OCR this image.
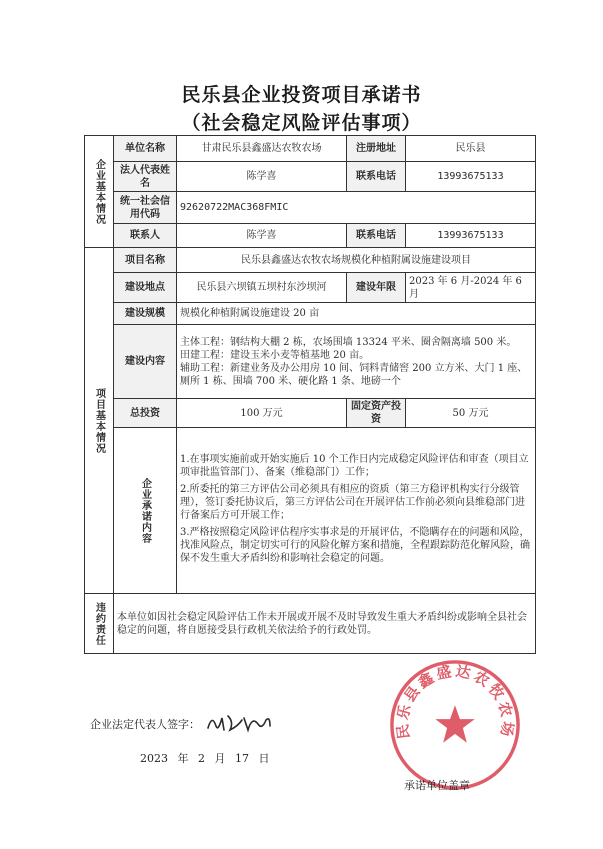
民乐县企业投资项目承诺书
（社会稳定风险评估事项）
企业基本情况	单位名称	甘肃民乐县鑫盛达农牧农场	注册地址	民乐县
	法人代表姓名	陈学喜	联系电话	13993675133
	统一社会信用代码	92620722MAC368FMIC		
	联系人	陈学喜	联系电话	13993675133
项目基本情况	项目名称	民乐县鑫盛达农牧农场规模化种植附属设施建设项目		
	建设地点	民乐县六坝镇五坝村东沙坝河	建设年限	2023 年 6 月-2024 年 6 月
	建设规模	规模化种植附属设施建设 20 亩		
	建设内容	主体工程：钢结构大棚 2 栋，农场围墙 13324 平米、圈舍隔离墙 500 米。
田建工程：建设玉米小麦等植基地 20 亩。
辅助工程：新建业务及办公用房 10 间、饲料青储窖 200 立方米、大门 1 座、厕所 1 栋、围墙 700 米、硬化路 1 条、地磅一个		

	总投资	100 万元	固定资产投资	50 万元
	企业承诺内容	1.在事项实施前或开始实施后 10 个工作日内完成稳定风险评估和审查（项目立项审批监管部门）、备案（维稳部门）工作；

2.所委托的第三方评估公司必须具有相应的资质（第三方稳评机构实行分级管理），签订委托协议后，第三方评估公司在开展评估工作前必须向县维稳部门进行备案后方可开展工作；

3.严格按照稳定风险评估程序实事求是的开展评估，不隐瞒存在的问题和风险，找准风险点，制定切实可行的风险化解方案和措施，全程跟踪防范化解风险，确保不发生重大矛盾纠纷和影响社会稳定的问题。		

违约责任	本单位如因社会稳定风险评估工作未开展或开展不及时导致发生重大矛盾纠纷或影响全县社会稳定的问题，将自愿接受县行政机关依法给予的行政处罚。			
企业法定代表人签字：
2023 年 2 月 17 日
民乐县鑫盛达农牧农场
承诺单位盖章
